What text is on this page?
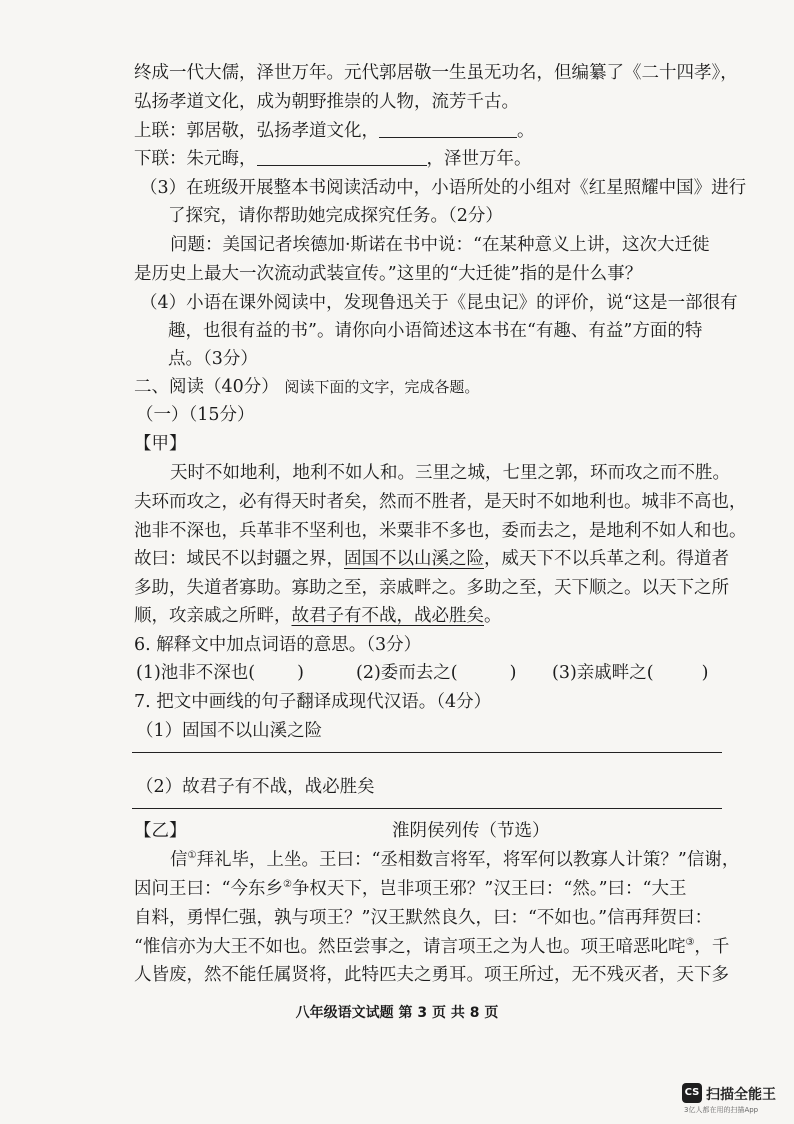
终成一代大儒，泽世万年。元代郭居敬一生虽无功名，但编纂了《二十四孝》，
弘扬孝道文化，成为朝野推崇的人物，流芳千古。
上联：郭居敬，弘扬孝道文化，	。
下联：朱元晦，	，泽世万年。
（3）在班级开展整本书阅读活动中，小语所处的小组对《红星照耀中国》进行
了探究，请你帮助她完成探究任务。（2分）
问题：美国记者埃德加·斯诺在书中说：“在某种意义上讲，这次大迁徙
是历史上最大一次流动武装宣传。”这里的“大迁徙”指的是什么事？
（4）小语在课外阅读中，发现鲁迅关于《昆虫记》的评价，说“这是一部很有
趣，也很有益的书”。请你向小语简述这本书在“有趣、有益”方面的特
点。（3分）
二、阅读（40分） 阅读下面的文字，完成各题。
（一）（15分）
【甲】
天时不如地利，地利不如人和。三里之城，七里之郭，环而攻之而不胜。
夫环而攻之，必有得天时者矣，然而不胜者，是天时不如地利也。城非不高也，
池非不深也，兵革非不坚利也，米粟非不多也，委而去之，是地利不如人和也。
故曰：域民不以封疆之界，固国不以山溪之险，威天下不以兵革之利。得道者
多助，失道者寡助。寡助之至，亲戚畔之。多助之至，天下顺之。以天下之所
顺，攻亲戚之所畔，故君子有不战，战必胜矣。
6. 解释文中加点词语的意思。（3分）
(1)池非不深也( )	(2)委而去之(	) (3)亲戚畔之(	)
7. 把文中画线的句子翻译成现代汉语。（4分）
（1）固国不以山溪之险
（2）故君子有不战，战必胜矣
【乙】	淮阴侯列传（节选）
信①拜礼毕，上坐。王曰：“丞相数言将军，将军何以教寡人计策？”信谢，
因问王曰：“今东乡②争权天下，岂非项王邪？”汉王曰：“然。”曰：“大王
自料，勇悍仁强，孰与项王？”汉王默然良久，曰：“不如也。”信再拜贺曰：
“惟信亦为大王不如也。然臣尝事之，请言项王之为人也。项王喑恶叱咤③，千
人皆废，然不能任属贤将，此特匹夫之勇耳。项王所过，无不残灭者，天下多
八年级语文试题 第 3 页 共 8 页
CS 扫描全能王
3亿人都在用的扫描App
